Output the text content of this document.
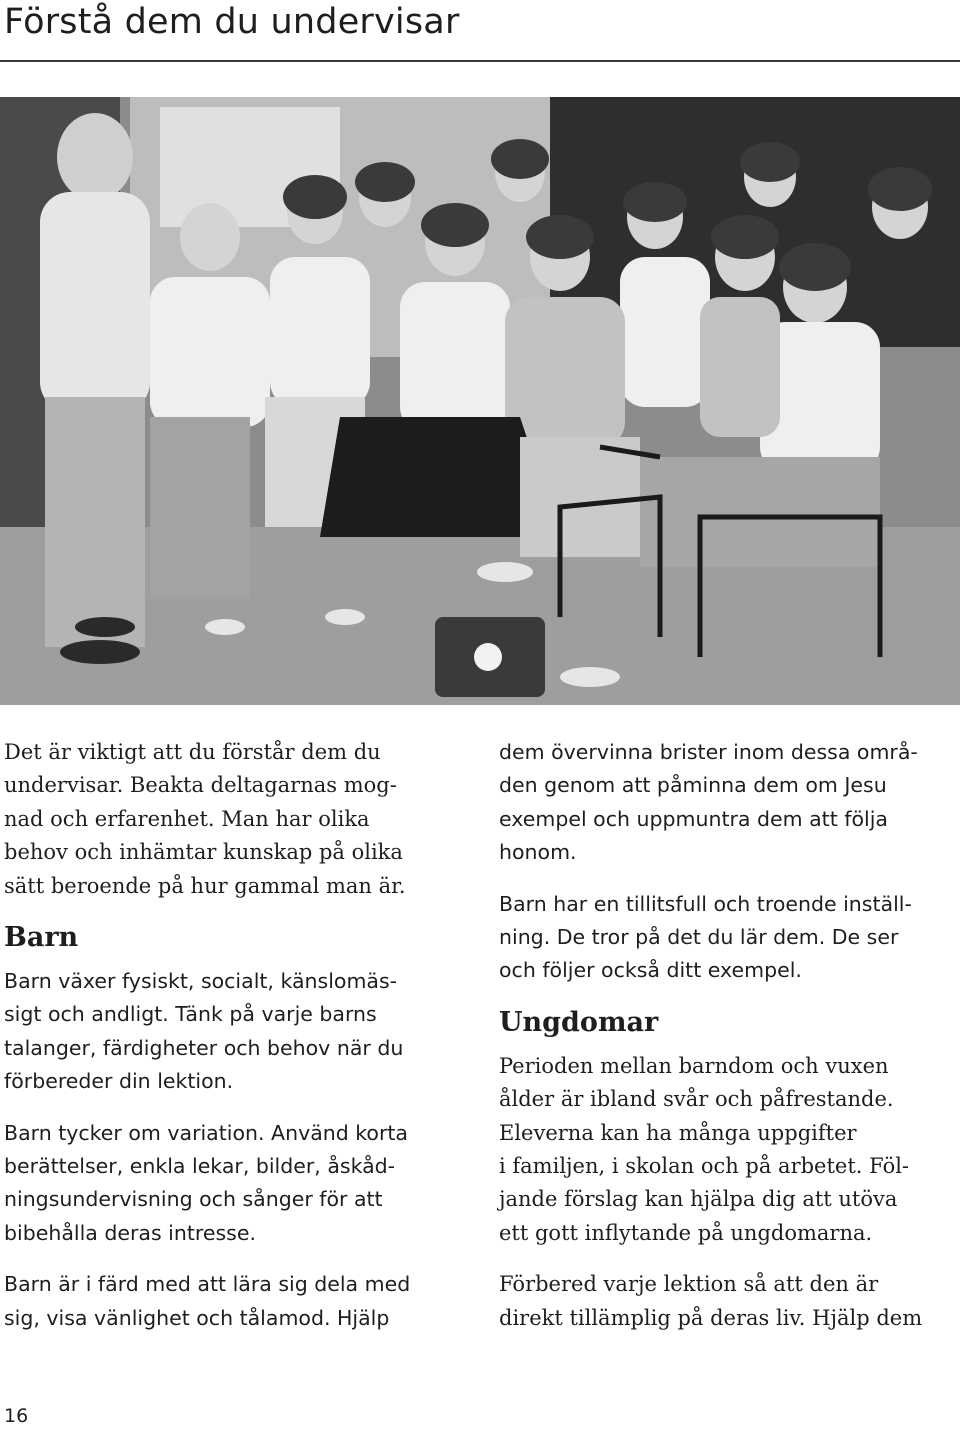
Förstå dem du undervisar

Det är viktigt att du förstår dem du
undervisar. Beakta deltagarnas mog-
nad och erfarenhet. Man har olika
behov och inhämtar kunskap på olika
sätt beroende på hur gammal man är.

Barn

Barn växer fysiskt, socialt, känslomäs-
sigt och andligt. Tänk på varje barns
talanger, färdigheter och behov när du
förbereder din lektion.

Barn tycker om variation. Använd korta
berättelser, enkla lekar, bilder, åskåd-
ningsundervisning och sånger för att
bibehålla deras intresse.

Barn är i färd med att lära sig dela med
sig, visa vänlighet och tålamod. Hjälp

dem övervinna brister inom dessa områ-
den genom att påminna dem om Jesu
exempel och uppmuntra dem att följa
honom.

Barn har en tillitsfull och troende inställ-
ning. De tror på det du lär dem. De ser
och följer också ditt exempel.

Ungdomar

Perioden mellan barndom och vuxen
ålder är ibland svår och påfrestande.
Eleverna kan ha många uppgifter
i familjen, i skolan och på arbetet. Föl-
jande förslag kan hjälpa dig att utöva
ett gott inflytande på ungdomarna.

Förbered varje lektion så att den är
direkt tillämplig på deras liv. Hjälp dem

16
